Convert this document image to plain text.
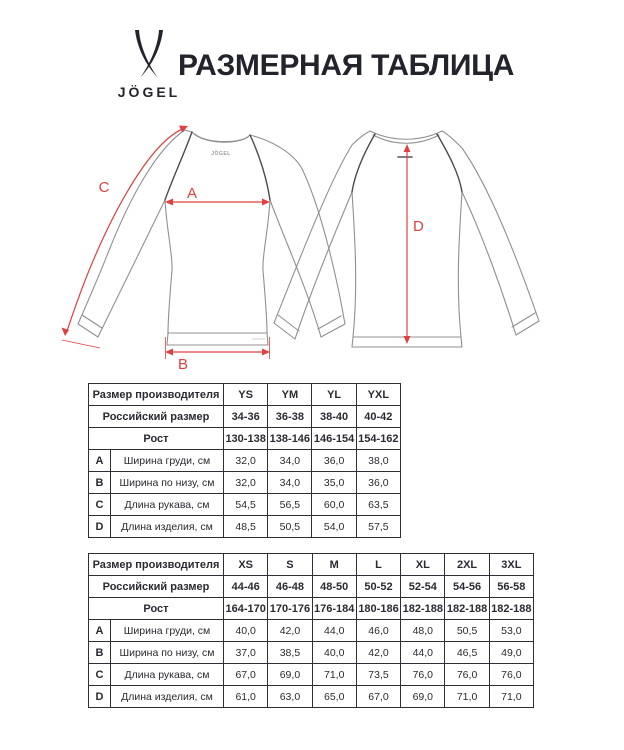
JÖGEL
РАЗМЕРНАЯ ТАБЛИЦА
JÖGEL
A
B
C
D
Размер производителя		YS	YM	YL	YXL
Российский размер		34-36	36-38	38-40	40-42
Рост		130-138	138-146	146-154	154-162
A	Ширина груди, см	32,0	34,0	36,0	38,0
B	Ширина по низу, см	32,0	34,0	35,0	36,0
C	Длина рукава, см	54,5	56,5	60,0	63,5
D	Длина изделия, см	48,5	50,5	54,0	57,5
Размер производителя		XS	S	M	L	XL	2XL	3XL
Российский размер		44-46	46-48	48-50	50-52	52-54	54-56	56-58
Рост		164-170	170-176	176-184	180-186	182-188	182-188	182-188
A	Ширина груди, см	40,0	42,0	44,0	46,0	48,0	50,5	53,0
B	Ширина по низу, см	37,0	38,5	40,0	42,0	44,0	46,5	49,0
C	Длина рукава, см	67,0	69,0	71,0	73,5	76,0	76,0	76,0
D	Длина изделия, см	61,0	63,0	65,0	67,0	69,0	71,0	71,0
